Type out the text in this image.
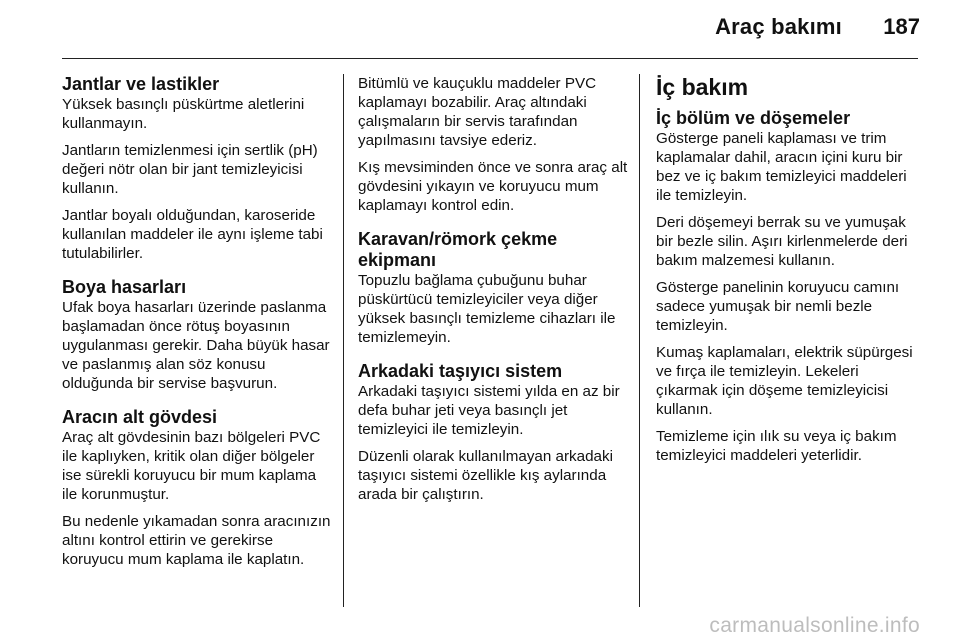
Araç bakımı 187
Jantlar ve lastikler

Yüksek basınçlı püskürtme aletlerini kullanmayın.

Jantların temizlenmesi için sertlik (pH) değeri nötr olan bir jant temizleyicisi kullanın.

Jantlar boyalı olduğundan, karoseride kullanılan maddeler ile aynı işleme tabi tutulabilirler.

Boya hasarları

Ufak boya hasarları üzerinde paslanma başlamadan önce rötuş boyasının uygulanması gerekir. Daha büyük hasar ve paslanmış alan söz konusu olduğunda bir servise başvurun.

Aracın alt gövdesi

Araç alt gövdesinin bazı bölgeleri PVC ile kaplıyken, kritik olan diğer bölgeler ise sürekli koruyucu bir mum kaplama ile korunmuştur.

Bu nedenle yıkamadan sonra aracınızın altını kontrol ettirin ve gerekirse koruyucu mum kaplama ile kaplatın.

Bitümlü ve kauçuklu maddeler PVC kaplamayı bozabilir. Araç altındaki çalışmaların bir servis tarafından yapılmasını tavsiye ederiz.

Kış mevsiminden önce ve sonra araç alt gövdesini yıkayın ve koruyucu mum kaplamayı kontrol edin.

Karavan/römork çekme ekipmanı

Topuzlu bağlama çubuğunu buhar püskürtücü temizleyiciler veya diğer yüksek basınçlı temizleme cihazları ile temizlemeyin.

Arkadaki taşıyıcı sistem

Arkadaki taşıyıcı sistemi yılda en az bir defa buhar jeti veya basınçlı jet temizleyici ile temizleyin.

Düzenli olarak kullanılmayan arkadaki taşıyıcı sistemi özellikle kış aylarında arada bir çalıştırın.

İç bakım
İç bölüm ve döşemeler

Gösterge paneli kaplaması ve trim kaplamalar dahil, aracın içini kuru bir bez ve iç bakım temizleyici maddeleri ile temizleyin.

Deri döşemeyi berrak su ve yumuşak bir bezle silin. Aşırı kirlenmelerde deri bakım malzemesi kullanın.

Gösterge panelinin koruyucu camını sadece yumuşak bir nemli bezle temizleyin.

Kumaş kaplamaları, elektrik süpürgesi ve fırça ile temizleyin. Lekeleri çıkarmak için döşeme temizleyicisi kullanın.

Temizleme için ılık su veya iç bakım temizleyici maddeleri yeterlidir.

carmanualsonline.info
